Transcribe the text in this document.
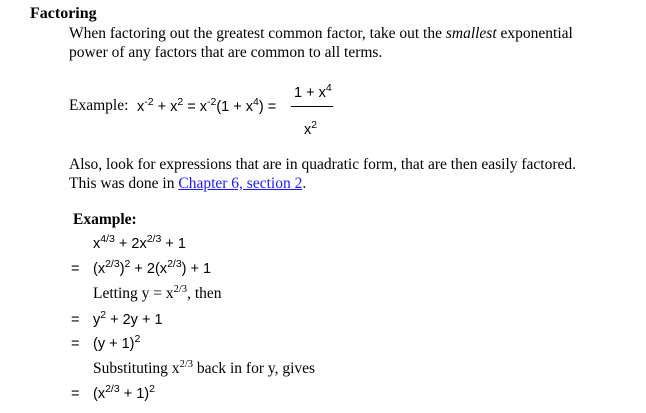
Factoring
When factoring out the greatest common factor, take out the smallest exponential
power of any factors that are common to all terms.
Example: $x^{-2} + x^2 = x^{-2}(1 + x^4)$ =
$1 + x^4$
$x^2$
Also, look for expressions that are in quadratic form, that are then easily factored.
This was done in Chapter 6, section 2.
Example:
$x^{4/3} + 2x^{2/3} + 1$
= $(x^{2/3})^2 + 2(x^{2/3}) + 1$
Letting $y = x^{2/3}$, then
= $y^2 + 2y + 1$
= $(y + 1)^2$
Substituting $x^{2/3}$ back in for y, gives
= $(x^{2/3} + 1)^2$
